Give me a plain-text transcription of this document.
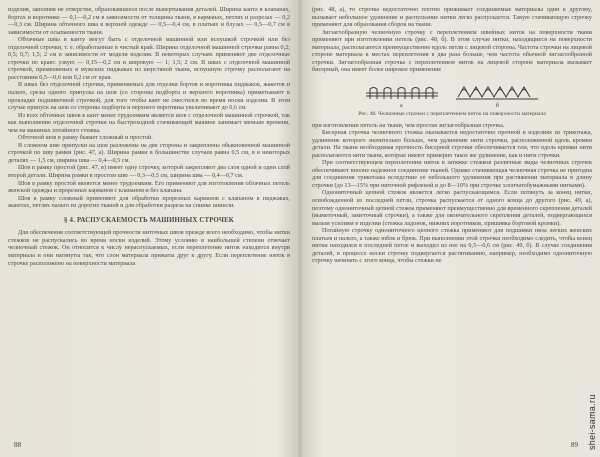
изделия, заполняя не отверстие, образовавшееся после вывертывания деталей. Ширина канта в клапанах, бортах и воротнике — 0,1—0,2 см в зависимости от толщины ткани, в карманах, петлях и разрезах — 0,2—0,3 см. Ширина обтачного шва в верхней одежде — 0,5—0,4 см, в платьях и блузах — 0,5—0,7 см в зависимости от осыпаемости ткани.

Обтачные швы в канту могут быть с отделочной машинной или вспушкой строчкой или без отделочной строчки, т. е. обработанные в чистый край. Ширина отделочной машинной строчки равна 0,2; 0,5; 0,7; 1,5; 2 см в зависимости от модели изделия. В некоторых случаях применяют две отделочные строчки по краю: узкую — 0,15—0,2 см и широкую — 1; 1,5; 2 см. В швах с отделочной машинной строчкой, применяемых в мужских пиджаках из шерстяной ткани, вспушную строчку располагают на расстоянии 0,5—0,6 или 0,2 см от края.

В швах без отделочной строчки, применяемых для отделки бортов и воротника пиджаков, жакетов и пальто, срезы одного припуска на шов (со стороны подборта и верхнего воротника) приметывают к прокладке подшивочной строчкой, для того чтобы кант не сместился во время носки изделия. В этом случае припуск на шов со стороны подборта и верхнего воротника увеличивают до 0,6 см.

Из всех обтачных швов в кант менее трудоемким является шов с отделочной машинной строчкой, так как выполнение отделочной строчки на быстроходной стачивающей машине занимает меньше времени, чем на машинах потайного стежка.

Обточной шов в рамку бывает сложный и простой.

В сложном шве припуски на шов разложены на две стороны и закреплены обыкновенной машинной строчкой по шву рамки (рис. 47, а). Ширина рамки в большинстве случаев равна 0,5 см, в в некоторых деталях — 1,5 см, ширина шва — 0,4—0,5 см.

Шов в рамку простой (рис. 47, в) имеет одну строчку, которой закрепляют два слоя одной и один слой второй детали. Ширина рамки в простом шве — 0,3—0,5 см, ширина шва — 0,4—0,7 см.

Шов в рамку простой является менее трудоемким. Его применяют для изготовления обтачных петель женской одежды и прорезных карманов с клапаном и без клапана.

Шов в рамку сложный применяют для обработки прорезных карманов с клапаном в пиджаках, жакетах, петлях пальто из дорогих тканей и для обработки разреза на спинке шинели.

§ 4. РАСПУСКАЕМОСТЬ МАШИННЫХ СТРОЧЕК

Для обеспечения соответствующей прочности ниточных швов прежде всего необходимо, чтобы нитки стежков не распускались во время носки изделий. Этому условию в наибольшей степени отвечает челночный стежок. Он относится к числу нераспускаемых, если переплетение ниток находится внутри материала и они натянуты так, что слои материала прижаты друг к другу. Если переплетение ниток в строчке расположено на поверхности материала

88

(рис. 48, а), то строчка недостаточно плотно прижимает соединяемые материалы один к другому, вызывает небольшое удлинение и распускание нитки легко распускается. Такую стачивающую строчку применяют для образования сборок на ткани.

Зигзагообразную челночную строчку с переплетением швейных ниток на поверхности ткани применяют при изготовлении петель (рис. 48, б). В этом случае нитки, находящиеся на поверхности материала, располагаются преимущественно вдоль петли с лицевой стороны. Частота строчки на лицевой стороне материала в местах переплетения в два раза больше, чем частота обычной зигзагообразной строчки. Зигзагообразная строчка с переплетением ниток на лицевой стороне материала вызывает бисерный, она имеет более широкое применение

а	б

Рис. 48. Челночные строчки с переплетением ниток на поверхности материала

при изготовлении петель на ткани, чем простая зигзагообразная строчка.

Бисерная строчка челночного стежка оказывается недостаточно прочной в изделиях из трикотажа, удлинение которого значительно больше, чем удлинение нити строчки, расположенной вдоль кромки детали. На ткани необходимая прочность бисерной строчки обеспечивается тем, что вдоль кромки нити располагаются нити ткани, которые имеют примерно такое же удлинение, как и нити строчки.

При соответствующем переплетении ниток в затяжке стежков различные виды челночных строчек обеспечивают вполне надежное соединение тканей. Однако стачивающая челночная строчка не пригодна для соединения трикотажа вследствие ее небольшого удлинения при растяжении материала в длину строчки (до 13—15% при ниточной рифленой и до 8—10% при строчке хлопчатобумажными нитками).

Однониточный цепной стежок является легко распускающимся. Если потянуть за конец нитки, освобожденной из последней петли, строчка распускается от одного конца до другого (рис. 49, а), поэтому однониточный цепной стежок применяют преимущественно для временного скрепления деталей (выметочный, заметочный строчки), а также для окончательного скрепления деталей, подвергающихся малым усилиям в изделии (стежка ладонок, нижних воротников, пришивка бортовой кромки).

Потайную строчку однониточного цепного стежка применяют для подшивки низа легких женских платьев и пальто, а также юбок и брюк. При выполнении этой строчки необходимо следить, чтобы конец нитки находился в последней петле и выходил из нее на 0,5—0,6 см (рис. 49, б). В случае соединения деталей, в процессе носки строчку подвергается растягиванию, например, необходимо однониточную строчку начинать с этого конца, чтобы стежки не

89 shei-sama.ru
